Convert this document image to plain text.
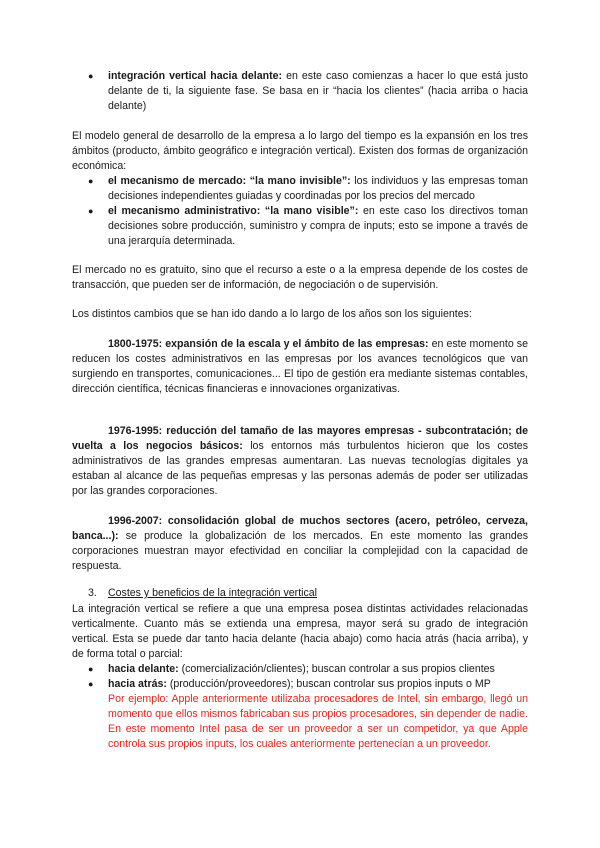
● integración vertical hacia delante: en este caso comienzas a hacer lo que está justo delante de ti, la siguiente fase. Se basa en ir “hacia los clientes” (hacia arriba o hacia delante)

El modelo general de desarrollo de la empresa a lo largo del tiempo es la expansión en los tres ámbitos (producto, ámbito geográfico e integración vertical). Existen dos formas de organización económica:

● el mecanismo de mercado: “la mano invisible”: los individuos y las empresas toman decisiones independientes guiadas y coordinadas por los precios del mercado
● el mecanismo administrativo: “la mano visible”: en este caso los directivos toman decisiones sobre producción, suministro y compra de inputs; esto se impone a través de una jerarquía determinada.

El mercado no es gratuito, sino que el recurso a este o a la empresa depende de los costes de transacción, que pueden ser de información, de negociación o de supervisión.

Los distintos cambios que se han ido dando a lo largo de los años son los siguientes:

1800-1975: expansión de la escala y el ámbito de las empresas: en este momento se reducen los costes administrativos en las empresas por los avances tecnológicos que van surgiendo en transportes, comunicaciones... El tipo de gestión era mediante sistemas contables, dirección científica, técnicas financieras e innovaciones organizativas.

1976-1995: reducción del tamaño de las mayores empresas - subcontratación; de vuelta a los negocios básicos: los entornos más turbulentos hicieron que los costes administrativos de las grandes empresas aumentaran. Las nuevas tecnologías digitales ya estaban al alcance de las pequeñas empresas y las personas además de poder ser utilizadas por las grandes corporaciones.

1996-2007: consolidación global de muchos sectores (acero, petróleo, cerveza, banca...): se produce la globalización de los mercados. En este momento las grandes corporaciones muestran mayor efectividad en conciliar la complejidad con la capacidad de respuesta.

3. Costes y beneficios de la integración vertical

La integración vertical se refiere a que una empresa posea distintas actividades relacionadas verticalmente. Cuanto más se extienda una empresa, mayor será su grado de integración vertical. Esta se puede dar tanto hacia delante (hacia abajo) como hacia atrás (hacia arriba), y de forma total o parcial:

● hacia delante: (comercialización/clientes); buscan controlar a sus propios clientes
● hacia atrás: (producción/proveedores); buscan controlar sus propios inputs o MP

Por ejemplo: Apple anteriormente utilizaba procesadores de Intel, sin embargo, llegó un momento que ellos mismos fabricaban sus propios procesadores, sin depender de nadie. En este momento Intel pasa de ser un proveedor a ser un competidor, ya que Apple controla sus propios inputs, los cuales anteriormente pertenecían a un proveedor.
